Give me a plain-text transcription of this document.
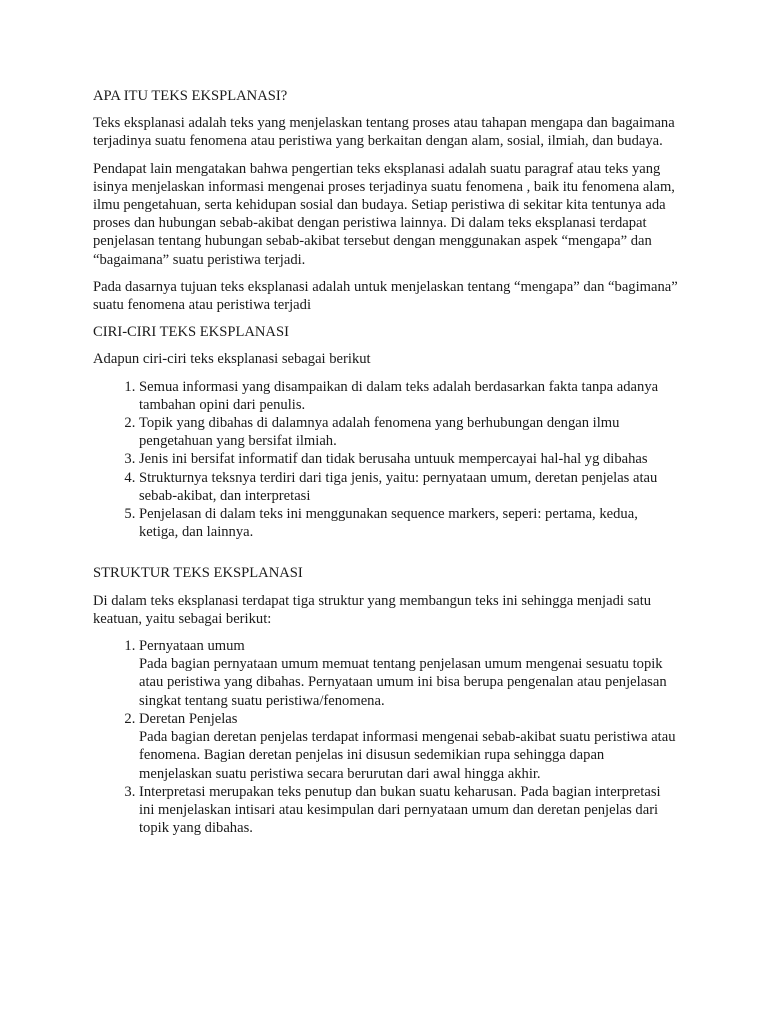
APA ITU TEKS EKSPLANASI?

Teks eksplanasi adalah teks yang menjelaskan tentang proses atau tahapan mengapa dan bagaimana terjadinya suatu fenomena atau peristiwa yang berkaitan dengan alam, sosial, ilmiah, dan budaya.

Pendapat lain mengatakan bahwa pengertian teks eksplanasi adalah suatu paragraf atau teks yang isinya menjelaskan informasi mengenai proses terjadinya suatu fenomena , baik itu fenomena alam, ilmu pengetahuan, serta kehidupan sosial dan budaya. Setiap peristiwa di sekitar kita tentunya ada proses dan hubungan sebab-akibat dengan peristiwa lainnya. Di dalam teks eksplanasi terdapat penjelasan tentang hubungan sebab-akibat tersebut dengan menggunakan aspek “mengapa” dan “bagaimana” suatu peristiwa terjadi.

Pada dasarnya tujuan teks eksplanasi adalah untuk menjelaskan tentang “mengapa” dan “bagimana” suatu fenomena atau peristiwa terjadi

CIRI-CIRI TEKS EKSPLANASI

Adapun ciri-ciri teks eksplanasi sebagai berikut

1. Semua informasi yang disampaikan di dalam teks adalah berdasarkan fakta tanpa adanya tambahan opini dari penulis.
2. Topik yang dibahas di dalamnya adalah fenomena yang berhubungan dengan ilmu pengetahuan yang bersifat ilmiah.
3. Jenis ini bersifat informatif dan tidak berusaha untuuk mempercayai hal-hal yg dibahas
4. Strukturnya teksnya terdiri dari tiga jenis, yaitu: pernyataan umum, deretan penjelas atau sebab-akibat, dan interpretasi
5. Penjelasan di dalam teks ini menggunakan sequence markers, seperi: pertama, kedua, ketiga, dan lainnya.

STRUKTUR TEKS EKSPLANASI

Di dalam teks eksplanasi terdapat tiga struktur yang membangun teks ini sehingga menjadi satu keatuan, yaitu sebagai berikut:

1. Pernyataan umum
Pada bagian pernyataan umum memuat tentang penjelasan umum mengenai sesuatu topik atau peristiwa yang dibahas. Pernyataan umum ini bisa berupa pengenalan atau penjelasan singkat tentang suatu peristiwa/fenomena.
2. Deretan Penjelas
Pada bagian deretan penjelas terdapat informasi mengenai sebab-akibat suatu peristiwa atau fenomena. Bagian deretan penjelas ini disusun sedemikian rupa sehingga dapan menjelaskan suatu peristiwa secara berurutan dari awal hingga akhir.
3. Interpretasi merupakan teks penutup dan bukan suatu keharusan. Pada bagian interpretasi ini menjelaskan intisari atau kesimpulan dari pernyataan umum dan deretan penjelas dari topik yang dibahas.
